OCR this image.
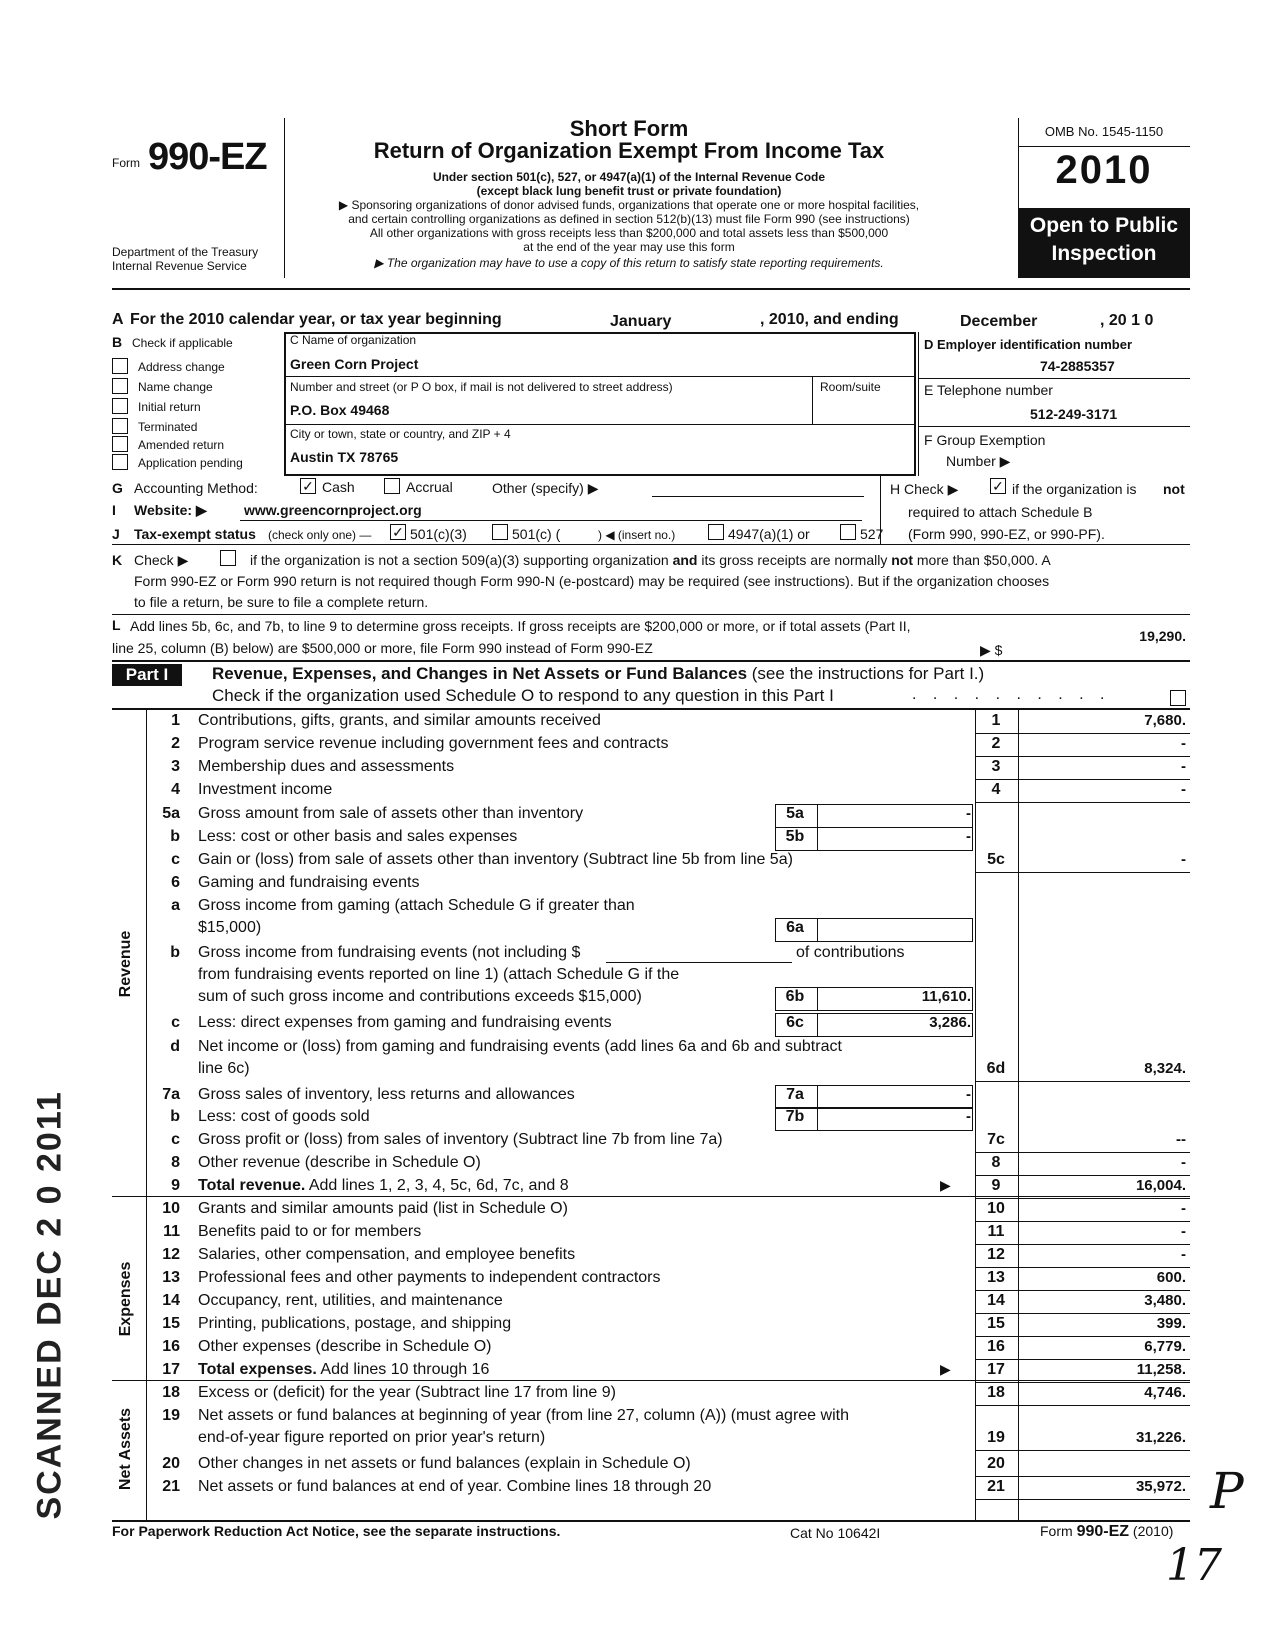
Form 990-EZ
Department of the Treasury
Internal Revenue Service
Short Form
Return of Organization Exempt From Income Tax
Under section 501(c), 527, or 4947(a)(1) of the Internal Revenue Code
(except black lung benefit trust or private foundation)
▶ Sponsoring organizations of donor advised funds, organizations that operate one or more hospital facilities,
and certain controlling organizations as defined in section 512(b)(13) must file Form 990 (see instructions)
All other organizations with gross receipts less than $200,000 and total assets less than $500,000
at the end of the year may use this form
▶ The organization may have to use a copy of this return to satisfy state reporting requirements.
OMB No. 1545-1150
2010
Open to Public
Inspection
A For the 2010 calendar year, or tax year beginning	January	, 2010, and ending	December	, 20 1 0
B Check if applicable
Address change
Name change
Initial return
Terminated
Amended return
Application pending
C Name of organization
Green Corn Project
Number and street (or P O box, if mail is not delivered to street address)	Room/suite
P.O. Box 49468
City or town, state or country, and ZIP + 4
Austin TX 78765
D Employer identification number
74-2885357
E Telephone number
512-249-3171
F Group Exemption
Number ▶
G Accounting Method:	✓ Cash	Accrual	Other (specify) ▶	H Check ▶ ✓ if the organization is not
required to attach Schedule B
(Form 990, 990-EZ, or 990-PF).
I Website: ▶	www.greencornproject.org
J Tax-exempt status (check only one) — ✓ 501(c)(3)	501(c) (	) ◀ (insert no.)	4947(a)(1) or	527
K Check ▶	if the organization is not a section 509(a)(3) supporting organization and its gross receipts are normally not more than $50,000. A
Form 990-EZ or Form 990 return is not required though Form 990-N (e-postcard) may be required (see instructions). But if the organization chooses
to file a return, be sure to file a complete return.
L Add lines 5b, 6c, and 7b, to line 9 to determine gross receipts. If gross receipts are $200,000 or more, or if total assets (Part II,
line 25, column (B) below) are $500,000 or more, file Form 990 instead of Form 990-EZ	▶ $
19,290.
Part I	Revenue, Expenses, and Changes in Net Assets or Fund Balances (see the instructions for Part I.)
Check if the organization used Schedule O to respond to any question in this Part I	. . . . . . . . . .
Revenue
Expenses
Net Assets
1 Contributions, gifts, grants, and similar amounts received	1	7,680.
2 Program service revenue including government fees and contracts	2	-
3 Membership dues and assessments	3	-
4 Investment income	4	-
5a Gross amount from sale of assets other than inventory	5a	-
b Less: cost or other basis and sales expenses	5b	-
c Gain or (loss) from sale of assets other than inventory (Subtract line 5b from line 5a)	5c	-
6 Gaming and fundraising events
a Gross income from gaming (attach Schedule G if greater than
$15,000)	6a
b Gross income from fundraising events (not including $	of contributions
from fundraising events reported on line 1) (attach Schedule G if the
sum of such gross income and contributions exceeds $15,000)	6b	11,610.
c Less: direct expenses from gaming and fundraising events	6c	3,286.
d Net income or (loss) from gaming and fundraising events (add lines 6a and 6b and subtract
line 6c)	6d	8,324.
7a Gross sales of inventory, less returns and allowances	7a	-
b Less: cost of goods sold	7b	-
c Gross profit or (loss) from sales of inventory (Subtract line 7b from line 7a)	7c	--
8 Other revenue (describe in Schedule O)	8	-
9 Total revenue. Add lines 1, 2, 3, 4, 5c, 6d, 7c, and 8	▶	9	16,004.
10 Grants and similar amounts paid (list in Schedule O)	10	-
11 Benefits paid to or for members	11	-
12 Salaries, other compensation, and employee benefits	12	-
13 Professional fees and other payments to independent contractors	13	600.
14 Occupancy, rent, utilities, and maintenance	14	3,480.
15 Printing, publications, postage, and shipping	15	399.
16 Other expenses (describe in Schedule O)	16	6,779.
17 Total expenses. Add lines 10 through 16	▶	17	11,258.
18 Excess or (deficit) for the year (Subtract line 17 from line 9)	18	4,746.
19 Net assets or fund balances at beginning of year (from line 27, column (A)) (must agree with
end-of-year figure reported on prior year's return)	19	31,226.
20 Other changes in net assets or fund balances (explain in Schedule O)	20
21 Net assets or fund balances at end of year. Combine lines 18 through 20	21	35,972.
For Paperwork Reduction Act Notice, see the separate instructions.	Cat No 10642I	Form 990-EZ (2010)
SCANNED DEC 2 0 2011	P
17
